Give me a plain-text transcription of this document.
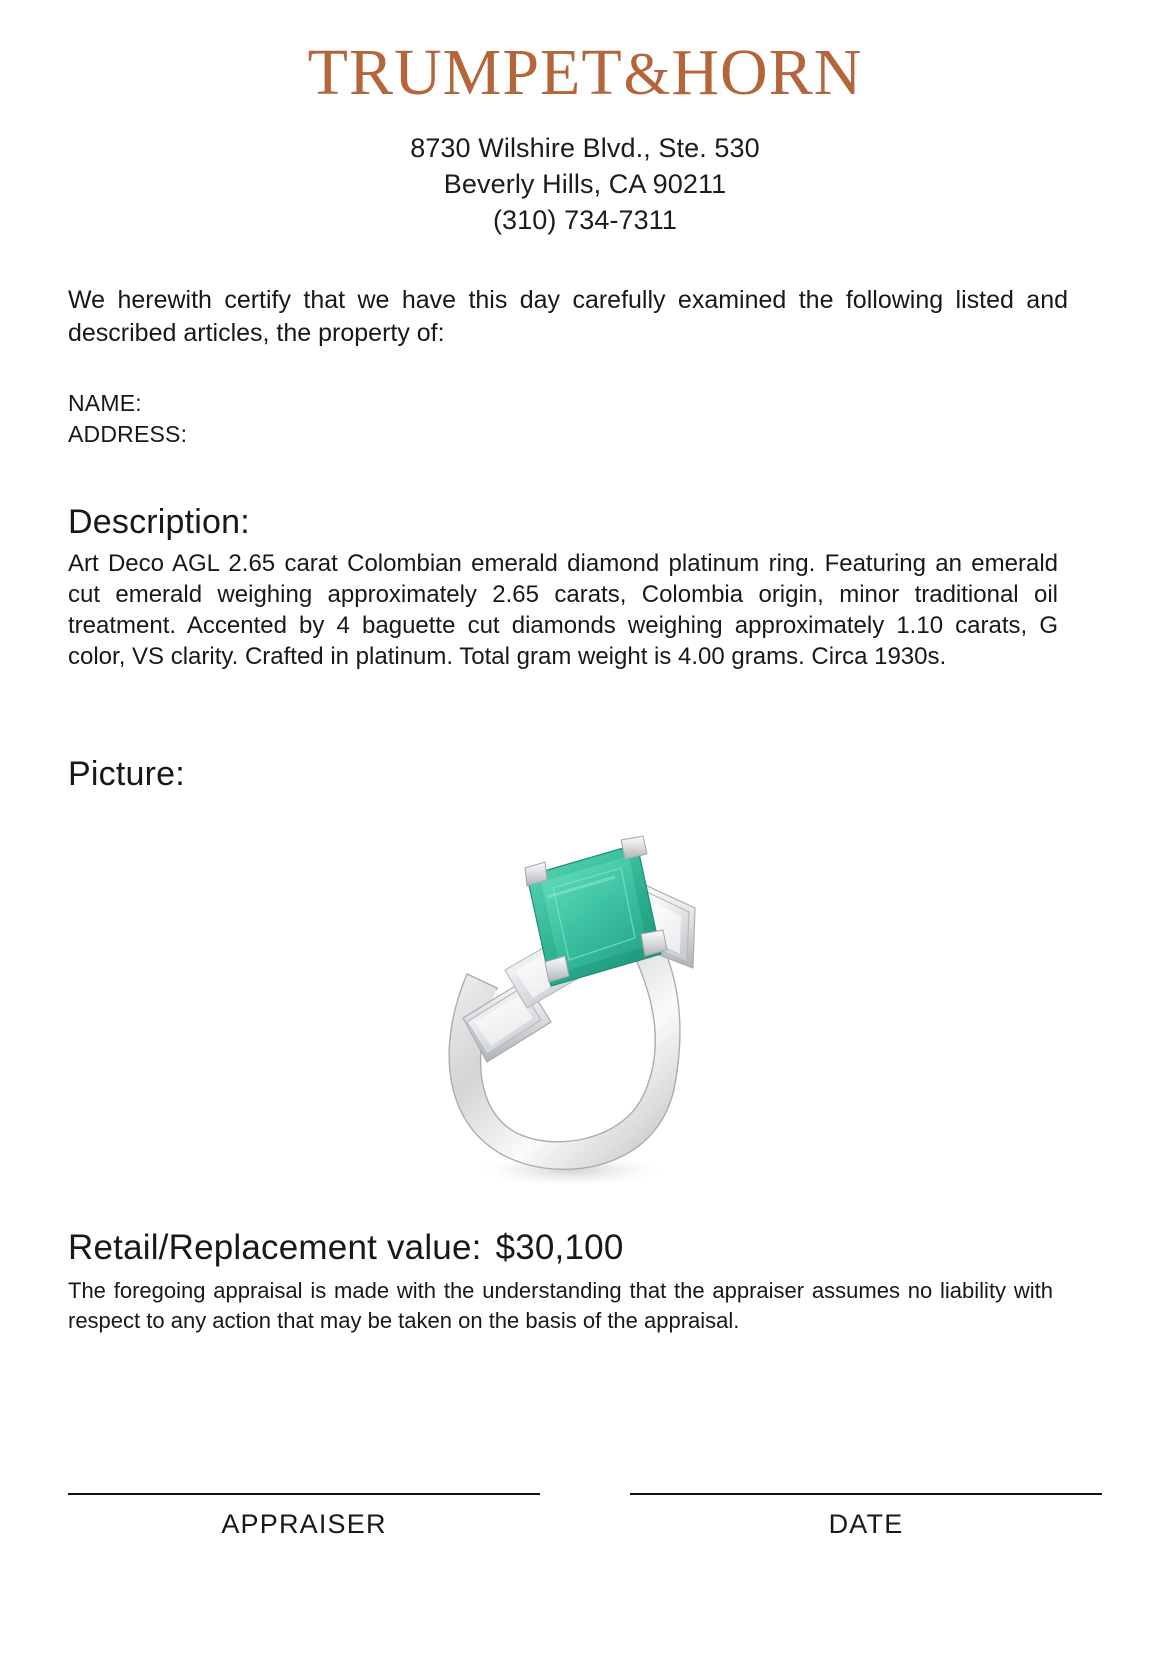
TRUMPET&HORN
8730 Wilshire Blvd., Ste. 530
Beverly Hills, CA 90211
(310) 734-7311

We herewith certify that we have this day carefully examined the following listed and described articles, the property of:

NAME:
ADDRESS:
Description:

Art Deco AGL 2.65 carat Colombian emerald diamond platinum ring. Featuring an emerald cut emerald weighing approximately 2.65 carats, Colombia origin, minor traditional oil treatment. Accented by 4 baguette cut diamonds weighing approximately 1.10 carats, G color, VS clarity. Crafted in platinum. Total gram weight is 4.00 grams. Circa 1930s.

Picture:
Retail/Replacement value: $30,100

The foregoing appraisal is made with the understanding that the appraiser assumes no liability with respect to any action that may be taken on the basis of the appraisal.

APPRAISER	DATE
